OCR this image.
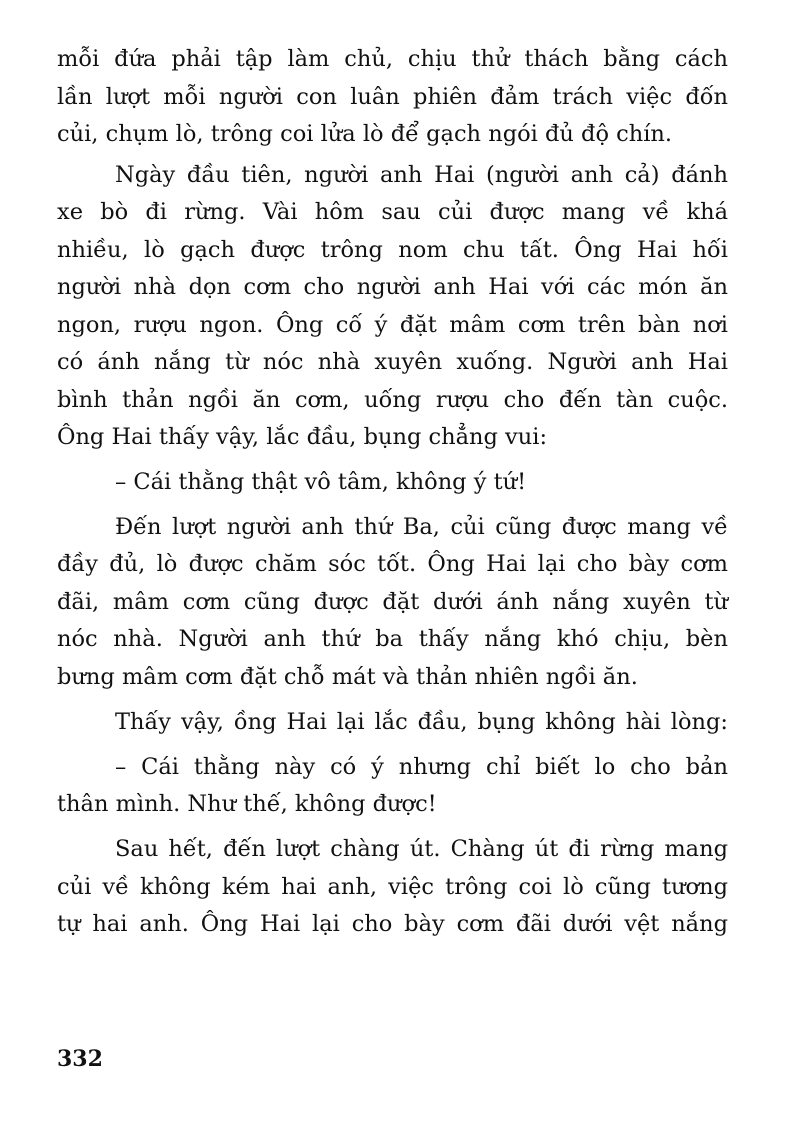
mỗi đứa phải tập làm chủ, chịu thử thách bằng cách
lần lượt mỗi người con luân phiên đảm trách việc đốn
củi, chụm lò, trông coi lửa lò để gạch ngói đủ độ chín.
Ngày đầu tiên, người anh Hai (người anh cả) đánh
xe bò đi rừng. Vài hôm sau củi được mang về khá
nhiều, lò gạch được trông nom chu tất. Ông Hai hối
người nhà dọn cơm cho người anh Hai với các món ăn
ngon, rượu ngon. Ông cố ý đặt mâm cơm trên bàn nơi
có ánh nắng từ nóc nhà xuyên xuống. Người anh Hai
bình thản ngồi ăn cơm, uống rượu cho đến tàn cuộc.
Ông Hai thấy vậy, lắc đầu, bụng chẳng vui:
– Cái thằng thật vô tâm, không ý tứ!
Đến lượt người anh thứ Ba, củi cũng được mang về
đầy đủ, lò được chăm sóc tốt. Ông Hai lại cho bày cơm
đãi, mâm cơm cũng được đặt dưới ánh nắng xuyên từ
nóc nhà. Người anh thứ ba thấy nắng khó chịu, bèn
bưng mâm cơm đặt chỗ mát và thản nhiên ngồi ăn.
Thấy vậy, ồng Hai lại lắc đầu, bụng không hài lòng:
– Cái thằng này có ý nhưng chỉ biết lo cho bản
thân mình. Như thế, không được!
Sau hết, đến lượt chàng út. Chàng út đi rừng mang
củi về không kém hai anh, việc trông coi lò cũng tương
tự hai anh. Ông Hai lại cho bày cơm đãi dưới vệt nắng
332
